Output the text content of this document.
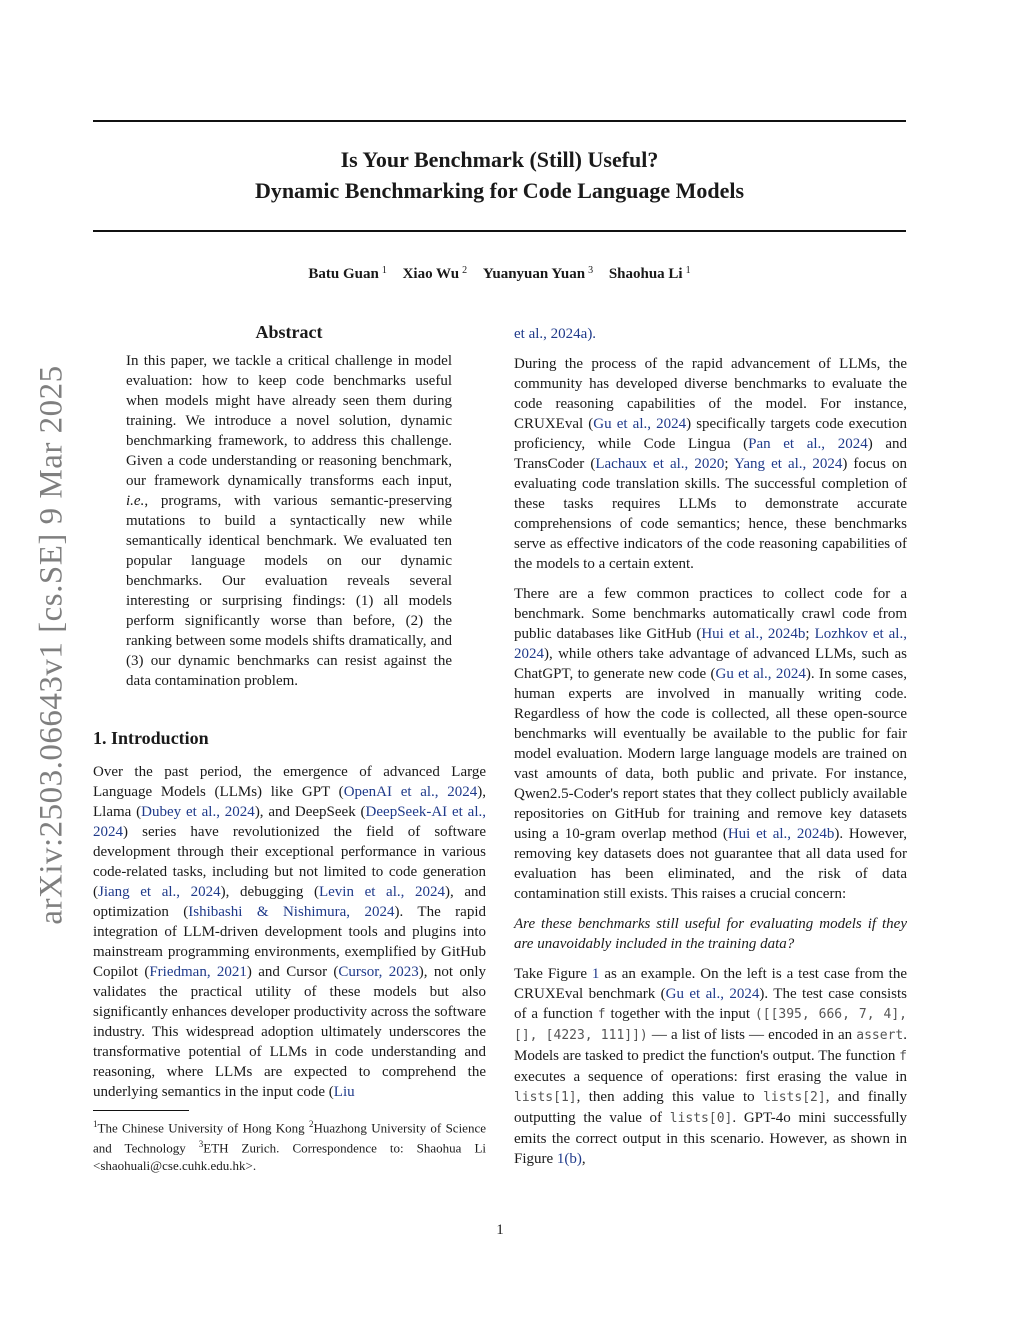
Is Your Benchmark (Still) Useful?
Dynamic Benchmarking for Code Language Models
Batu Guan $^1$ Xiao Wu $^2$ Yuanyuan Yuan $^3$ Shaohua Li $^1$
arXiv:2503.06643v1 [cs.SE] 9 Mar 2025
Abstract
In this paper, we tackle a critical challenge in model evaluation: how to keep code benchmarks useful when models might have already seen them during training. We introduce a novel solution, dynamic benchmarking framework, to address this challenge. Given a code understanding or reasoning benchmark, our framework dynamically transforms each input, i.e., programs, with various semantic-preserving mutations to build a syntactically new while semantically identical benchmark. We evaluated ten popular language models on our dynamic benchmarks. Our evaluation reveals several interesting or surprising findings: (1) all models perform significantly worse than before, (2) the ranking between some models shifts dramatically, and (3) our dynamic benchmarks can resist against the data contamination problem.
1. Introduction

Over the past period, the emergence of advanced Large Language Models (LLMs) like GPT (OpenAI et al., 2024), Llama (Dubey et al., 2024), and DeepSeek (DeepSeek-AI et al., 2024) series have revolutionized the field of software development through their exceptional performance in various code-related tasks, including but not limited to code generation (Jiang et al., 2024), debugging (Levin et al., 2024), and optimization (Ishibashi & Nishimura, 2024). The rapid integration of LLM-driven development tools and plugins into mainstream programming environments, exemplified by GitHub Copilot (Friedman, 2021) and Cursor (Cursor, 2023), not only validates the practical utility of these models but also significantly enhances developer productivity across the software industry. This widespread adoption ultimately underscores the transformative potential of LLMs in code understanding and reasoning, where LLMs are expected to comprehend the underlying semantics in the input code (Liu

et al., 2024a).

During the process of the rapid advancement of LLMs, the community has developed diverse benchmarks to evaluate the code reasoning capabilities of the model. For instance, CRUXEval (Gu et al., 2024) specifically targets code execution proficiency, while Code Lingua (Pan et al., 2024) and TransCoder (Lachaux et al., 2020; Yang et al., 2024) focus on evaluating code translation skills. The successful completion of these tasks requires LLMs to demonstrate accurate comprehensions of code semantics; hence, these benchmarks serve as effective indicators of the code reasoning capabilities of the models to a certain extent.

There are a few common practices to collect code for a benchmark. Some benchmarks automatically crawl code from public databases like GitHub (Hui et al., 2024b; Lozhkov et al., 2024), while others take advantage of advanced LLMs, such as ChatGPT, to generate new code (Gu et al., 2024). In some cases, human experts are involved in manually writing code. Regardless of how the code is collected, all these open-source benchmarks will eventually be available to the public for fair model evaluation. Modern large language models are trained on vast amounts of data, both public and private. For instance, Qwen2.5-Coder's report states that they collect publicly available repositories on GitHub for training and remove key datasets using a 10-gram overlap method (Hui et al., 2024b). However, removing key datasets does not guarantee that all data used for evaluation has been eliminated, and the risk of data contamination still exists. This raises a crucial concern:

Are these benchmarks still useful for evaluating models if they are unavoidably included in the training data?

Take Figure 1 as an example. On the left is a test case from the CRUXEval benchmark (Gu et al., 2024). The test case consists of a function f together with the input ([[395, 666, 7, 4], [], [4223, 111]]) — a list of lists — encoded in an assert. Models are tasked to predict the function's output. The function f executes a sequence of operations: first erasing the value in lists[1], then adding this value to lists[2], and finally outputting the value of lists[0]. GPT-4o mini successfully emits the correct output in this scenario. However, as shown in Figure 1(b),

$^1$The Chinese University of Hong Kong $^2$Huazhong University of Science and Technology $^3$ETH Zurich. Correspondence to: Shaohua Li <shaohuali@cse.cuhk.edu.hk>.
1
